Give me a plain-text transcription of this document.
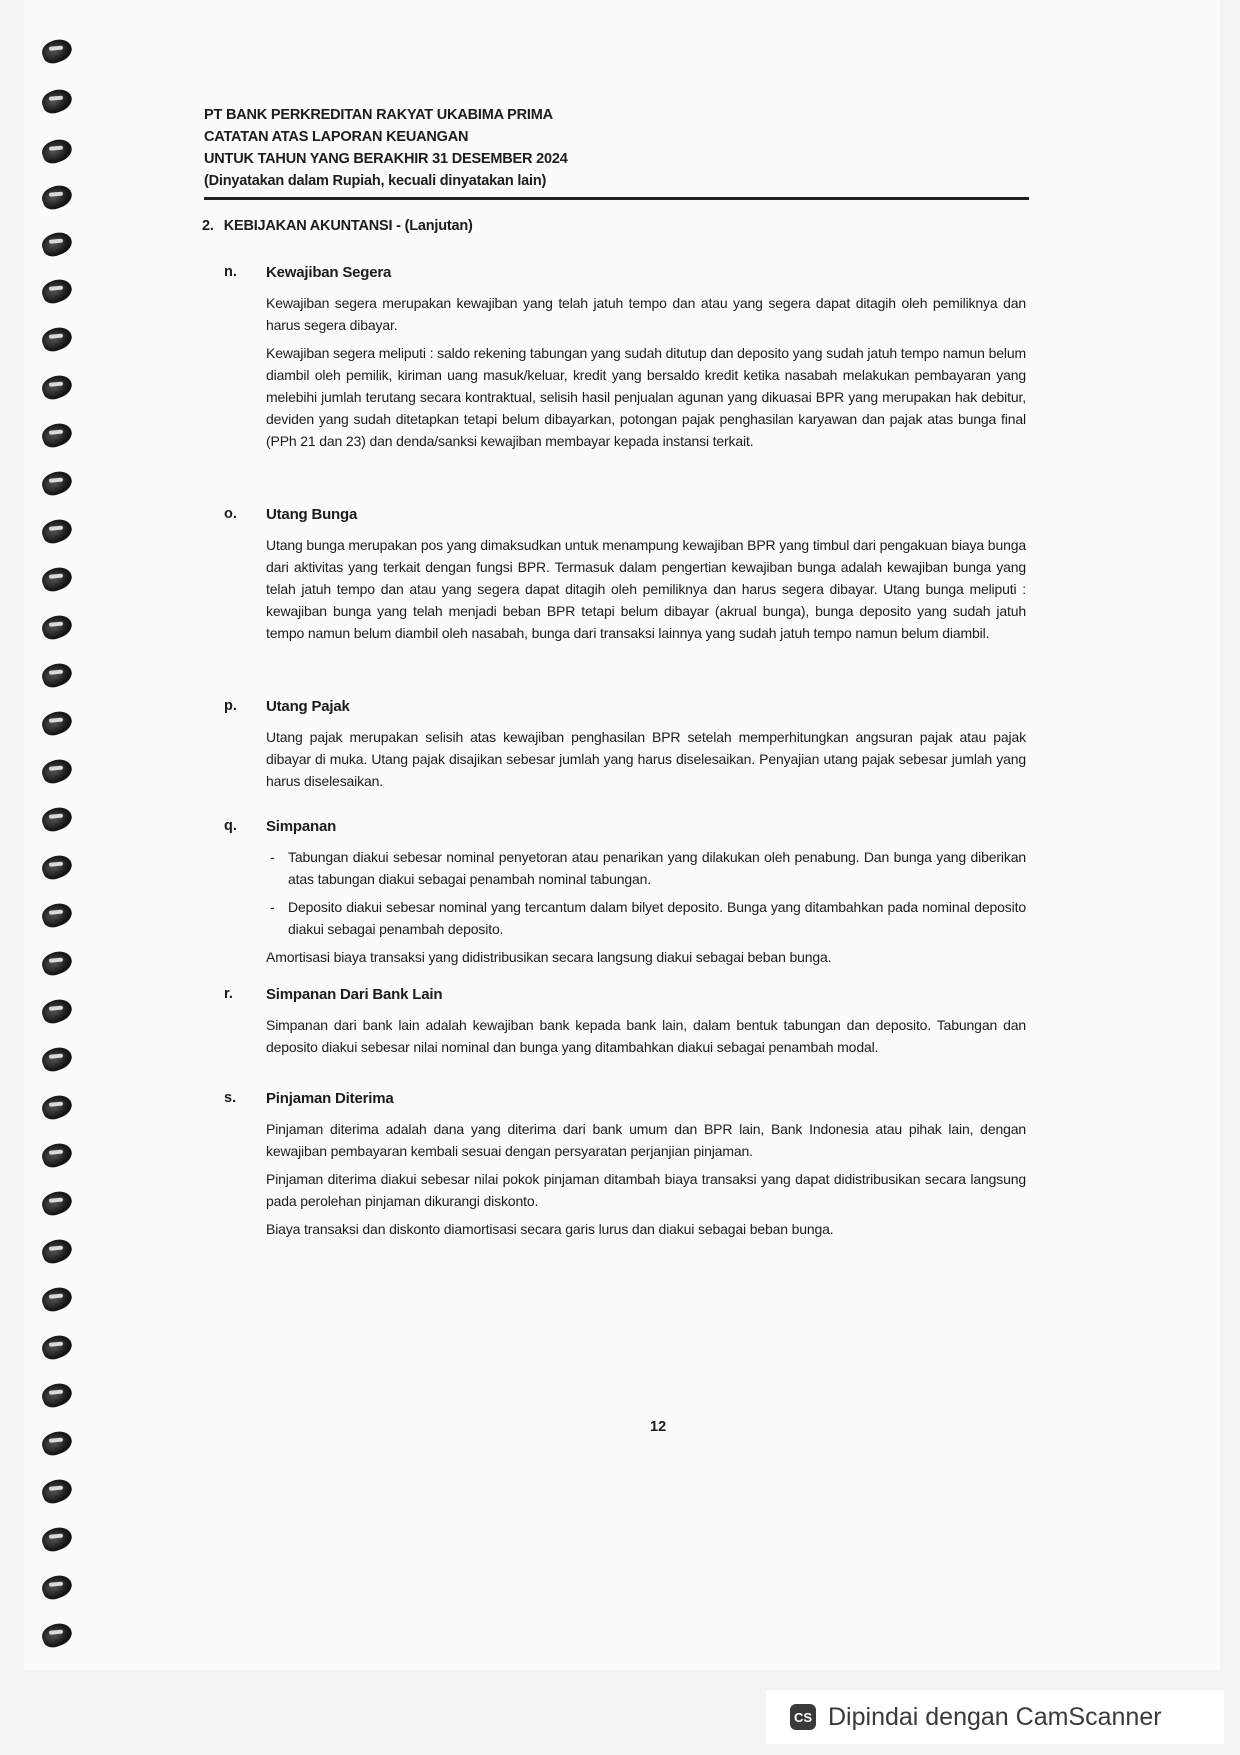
PT BANK PERKREDITAN RAKYAT UKABIMA PRIMA
CATATAN ATAS LAPORAN KEUANGAN
UNTUK TAHUN YANG BERAKHIR 31 DESEMBER 2024
(Dinyatakan dalam Rupiah, kecuali dinyatakan lain)
2. KEBIJAKAN AKUNTANSI - (Lanjutan)
n. Kewajiban Segera

Kewajiban segera merupakan kewajiban yang telah jatuh tempo dan atau yang segera dapat ditagih oleh pemiliknya dan harus segera dibayar.

Kewajiban segera meliputi : saldo rekening tabungan yang sudah ditutup dan deposito yang sudah jatuh tempo namun belum diambil oleh pemilik, kiriman uang masuk/keluar, kredit yang bersaldo kredit ketika nasabah melakukan pembayaran yang melebihi jumlah terutang secara kontraktual, selisih hasil penjualan agunan yang dikuasai BPR yang merupakan hak debitur, deviden yang sudah ditetapkan tetapi belum dibayarkan, potongan pajak penghasilan karyawan dan pajak atas bunga final (PPh 21 dan 23) dan denda/sanksi kewajiban membayar kepada instansi terkait.

o. Utang Bunga

Utang bunga merupakan pos yang dimaksudkan untuk menampung kewajiban BPR yang timbul dari pengakuan biaya bunga dari aktivitas yang terkait dengan fungsi BPR. Termasuk dalam pengertian kewajiban bunga adalah kewajiban bunga yang telah jatuh tempo dan atau yang segera dapat ditagih oleh pemiliknya dan harus segera dibayar. Utang bunga meliputi : kewajiban bunga yang telah menjadi beban BPR tetapi belum dibayar (akrual bunga), bunga deposito yang sudah jatuh tempo namun belum diambil oleh nasabah, bunga dari transaksi lainnya yang sudah jatuh tempo namun belum diambil.

p. Utang Pajak

Utang pajak merupakan selisih atas kewajiban penghasilan BPR setelah memperhitungkan angsuran pajak atau pajak dibayar di muka. Utang pajak disajikan sebesar jumlah yang harus diselesaikan. Penyajian utang pajak sebesar jumlah yang harus diselesaikan.

q. Simpanan

- Tabungan diakui sebesar nominal penyetoran atau penarikan yang dilakukan oleh penabung. Dan bunga yang diberikan atas tabungan diakui sebagai penambah nominal tabungan.

- Deposito diakui sebesar nominal yang tercantum dalam bilyet deposito. Bunga yang ditambahkan pada nominal deposito diakui sebagai penambah deposito.

Amortisasi biaya transaksi yang didistribusikan secara langsung diakui sebagai beban bunga.

r. Simpanan Dari Bank Lain

Simpanan dari bank lain adalah kewajiban bank kepada bank lain, dalam bentuk tabungan dan deposito. Tabungan dan deposito diakui sebesar nilai nominal dan bunga yang ditambahkan diakui sebagai penambah modal.

s. Pinjaman Diterima

Pinjaman diterima adalah dana yang diterima dari bank umum dan BPR lain, Bank Indonesia atau pihak lain, dengan kewajiban pembayaran kembali sesuai dengan persyaratan perjanjian pinjaman.

Pinjaman diterima diakui sebesar nilai pokok pinjaman ditambah biaya transaksi yang dapat didistribusikan secara langsung pada perolehan pinjaman dikurangi diskonto.

Biaya transaksi dan diskonto diamortisasi secara garis lurus dan diakui sebagai beban bunga.

12
CS Dipindai dengan CamScanner
